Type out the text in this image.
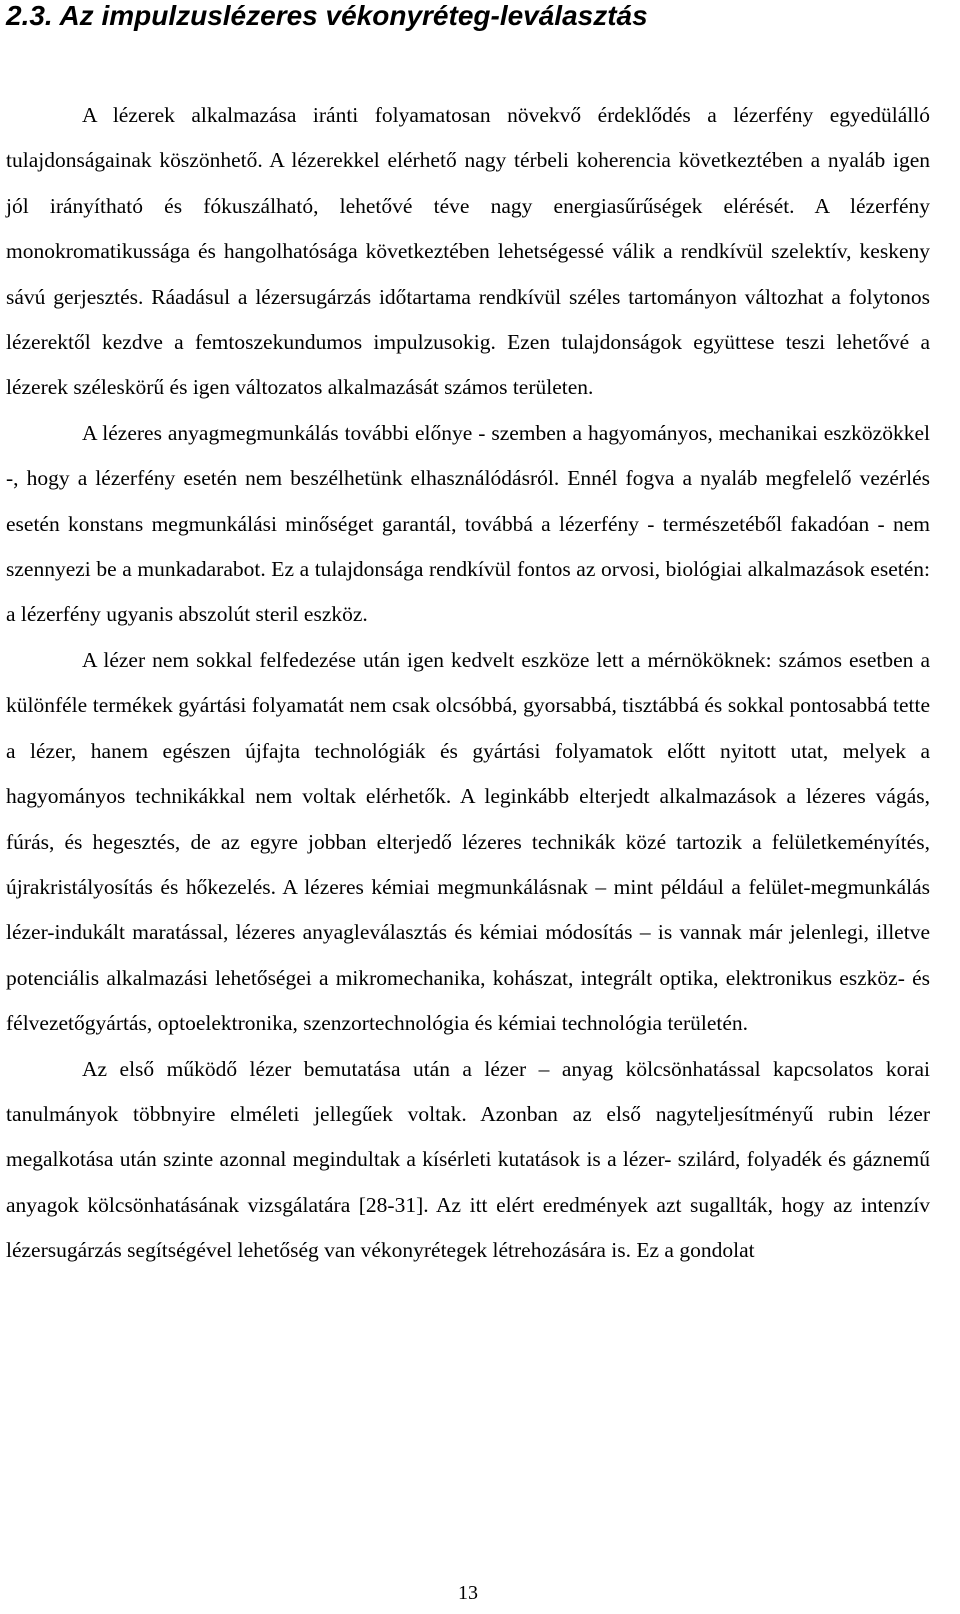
2.3. Az impulzuslézeres vékonyréteg-leválasztás

A lézerek alkalmazása iránti folyamatosan növekvő érdeklődés a lézerfény egyedülálló tulajdonságainak köszönhető. A lézerekkel elérhető nagy térbeli koherencia következtében a nyaláb igen jól irányítható és fókuszálható, lehetővé téve nagy energiasűrűségek elérését. A lézerfény monokromatikussága és hangolhatósága következtében lehetségessé válik a rendkívül szelektív, keskeny sávú gerjesztés. Ráadásul a lézersugárzás időtartama rendkívül széles tartományon változhat a folytonos lézerektől kezdve a femtoszekundumos impulzusokig. Ezen tulajdonságok együttese teszi lehetővé a lézerek széleskörű és igen változatos alkalmazását számos területen.

A lézeres anyagmegmunkálás további előnye - szemben a hagyományos, mechanikai eszközökkel -, hogy a lézerfény esetén nem beszélhetünk elhasználódásról. Ennél fogva a nyaláb megfelelő vezérlés esetén konstans megmunkálási minőséget garantál, továbbá a lézerfény - természetéből fakadóan - nem szennyezi be a munkadarabot. Ez a tulajdonsága rendkívül fontos az orvosi, biológiai alkalmazások esetén: a lézerfény ugyanis abszolút steril eszköz.

A lézer nem sokkal felfedezése után igen kedvelt eszköze lett a mérnököknek: számos esetben a különféle termékek gyártási folyamatát nem csak olcsóbbá, gyorsabbá, tisztábbá és sokkal pontosabbá tette a lézer, hanem egészen újfajta technológiák és gyártási folyamatok előtt nyitott utat, melyek a hagyományos technikákkal nem voltak elérhetők. A leginkább elterjedt alkalmazások a lézeres vágás, fúrás, és hegesztés, de az egyre jobban elterjedő lézeres technikák közé tartozik a felületkeményítés, újrakristályosítás és hőkezelés. A lézeres kémiai megmunkálásnak – mint például a felület-megmunkálás lézer-indukált maratással, lézeres anyagleválasztás és kémiai módosítás – is vannak már jelenlegi, illetve potenciális alkalmazási lehetőségei a mikromechanika, kohászat, integrált optika, elektronikus eszköz- és félvezetőgyártás, optoelektronika, szenzortechnológia és kémiai technológia területén.

Az első működő lézer bemutatása után a lézer – anyag kölcsönhatással kapcsolatos korai tanulmányok többnyire elméleti jellegűek voltak. Azonban az első nagyteljesítményű rubin lézer megalkotása után szinte azonnal megindultak a kísérleti kutatások is a lézer- szilárd, folyadék és gáznemű anyagok kölcsönhatásának vizsgálatára [28-31]. Az itt elért eredmények azt sugallták, hogy az intenzív lézersugárzás segítségével lehetőség van vékonyrétegek létrehozására is. Ez a gondolat

13
